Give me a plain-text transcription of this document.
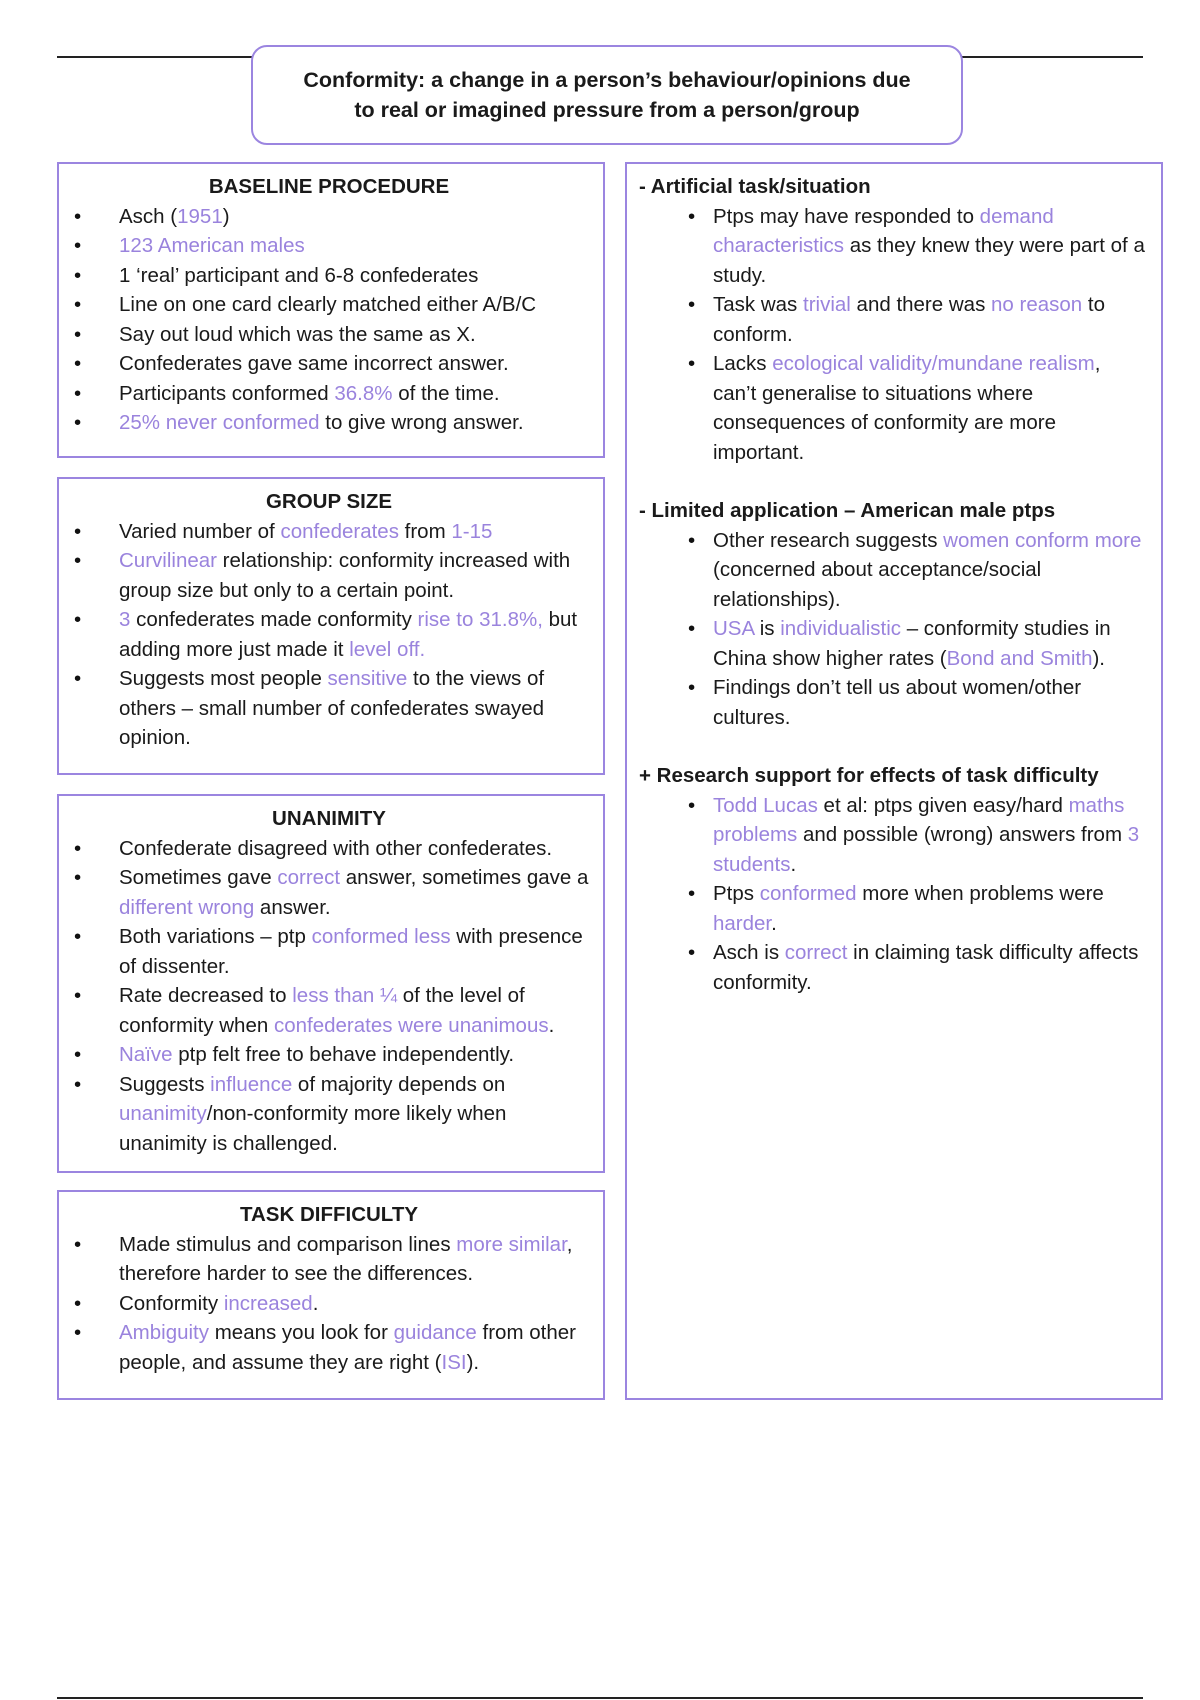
Conformity: a change in a person’s behaviour/opinions due
to real or imagined pressure from a person/group
BASELINE PROCEDURE
• Asch (1951)
• 123 American males
• 1 ‘real’ participant and 6-8 confederates
• Line on one card clearly matched either A/B/C
• Say out loud which was the same as X.
• Confederates gave same incorrect answer.
• Participants conformed 36.8% of the time.
• 25% never conformed to give wrong answer.
GROUP SIZE
• Varied number of confederates from 1-15
• Curvilinear relationship: conformity increased with group size but only to a certain point.
• 3 confederates made conformity rise to 31.8%, but adding more just made it level off.
• Suggests most people sensitive to the views of others – small number of confederates swayed opinion.
UNANIMITY
• Confederate disagreed with other confederates.
• Sometimes gave correct answer, sometimes gave a different wrong answer.
• Both variations – ptp conformed less with presence of dissenter.
• Rate decreased to less than ¼ of the level of conformity when confederates were unanimous.
• Naïve ptp felt free to behave independently.
• Suggests influence of majority depends on unanimity/non-conformity more likely when unanimity is challenged.
TASK DIFFICULTY
• Made stimulus and comparison lines more similar, therefore harder to see the differences.
• Conformity increased.
• Ambiguity means you look for guidance from other people, and assume they are right (ISI).
- Artificial task/situation
• Ptps may have responded to demand characteristics as they knew they were part of a study.
• Task was trivial and there was no reason to conform.
• Lacks ecological validity/mundane realism, can’t generalise to situations where consequences of conformity are more important.
- Limited application – American male ptps
• Other research suggests women conform more (concerned about acceptance/social relationships).
• USA is individualistic – conformity studies in China show higher rates (Bond and Smith).
• Findings don’t tell us about women/other cultures.
+ Research support for effects of task difficulty
• Todd Lucas et al: ptps given easy/hard maths problems and possible (wrong) answers from 3 students.
• Ptps conformed more when problems were harder.
• Asch is correct in claiming task difficulty affects conformity.
